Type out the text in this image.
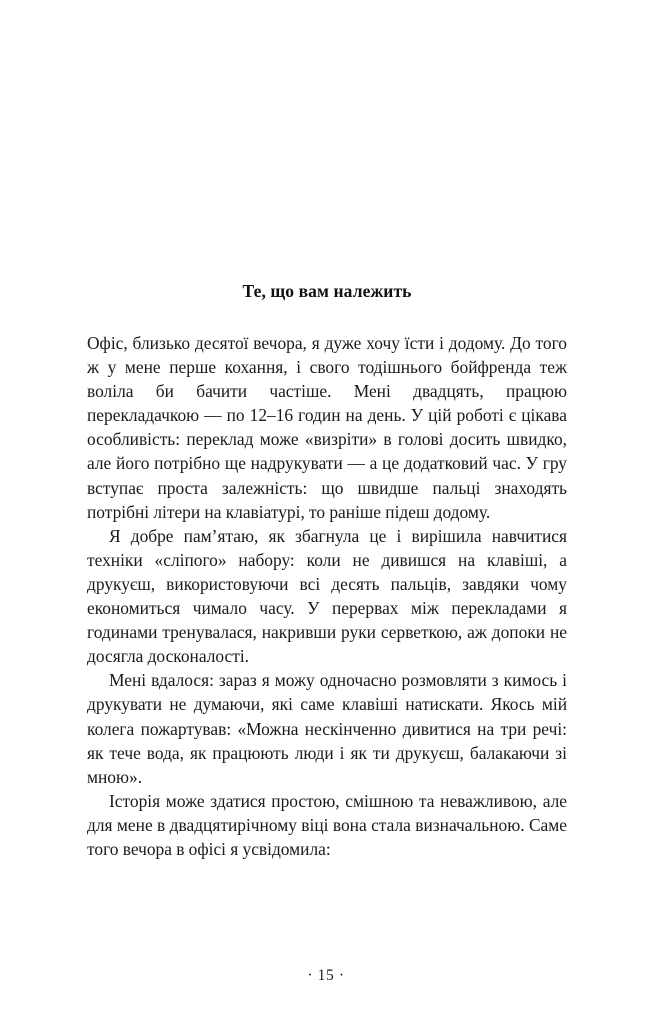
Те, що вам належить

Офіс, близько десятої вечора, я дуже хочу їсти і додому. До того ж у мене перше кохання, і свого тодішнього бойфренда теж воліла би бачити частіше. Мені двадцять, працюю перекладачкою — по 12–16 годин на день. У цій роботі є цікава особливість: переклад може «визріти» в голові досить швидко, але його потрібно ще надрукувати — а це додатковий час. У гру вступає проста залежність: що швидше пальці знаходять потрібні літери на клавіатурі, то раніше підеш додому.

Я добре пам’ятаю, як збагнула це і вирішила навчитися техніки «сліпого» набору: коли не дивишся на клавіші, а друкуєш, використовуючи всі десять пальців, завдяки чому економиться чимало часу. У перервах між перекладами я годинами тренувалася, накривши руки серветкою, аж допоки не досягла досконалості.

Мені вдалося: зараз я можу одночасно розмовляти з кимось і друкувати не думаючи, які саме клавіші натискати. Якось мій колега пожартував: «Можна нескінченно дивитися на три речі: як тече вода, як працюють люди і як ти друкуєш, балакаючи зі мною».

Історія може здатися простою, смішною та неважливою, але для мене в двадцятирічному віці вона стала визначальною. Саме того вечора в офісі я усвідомила:

· 15 ·
